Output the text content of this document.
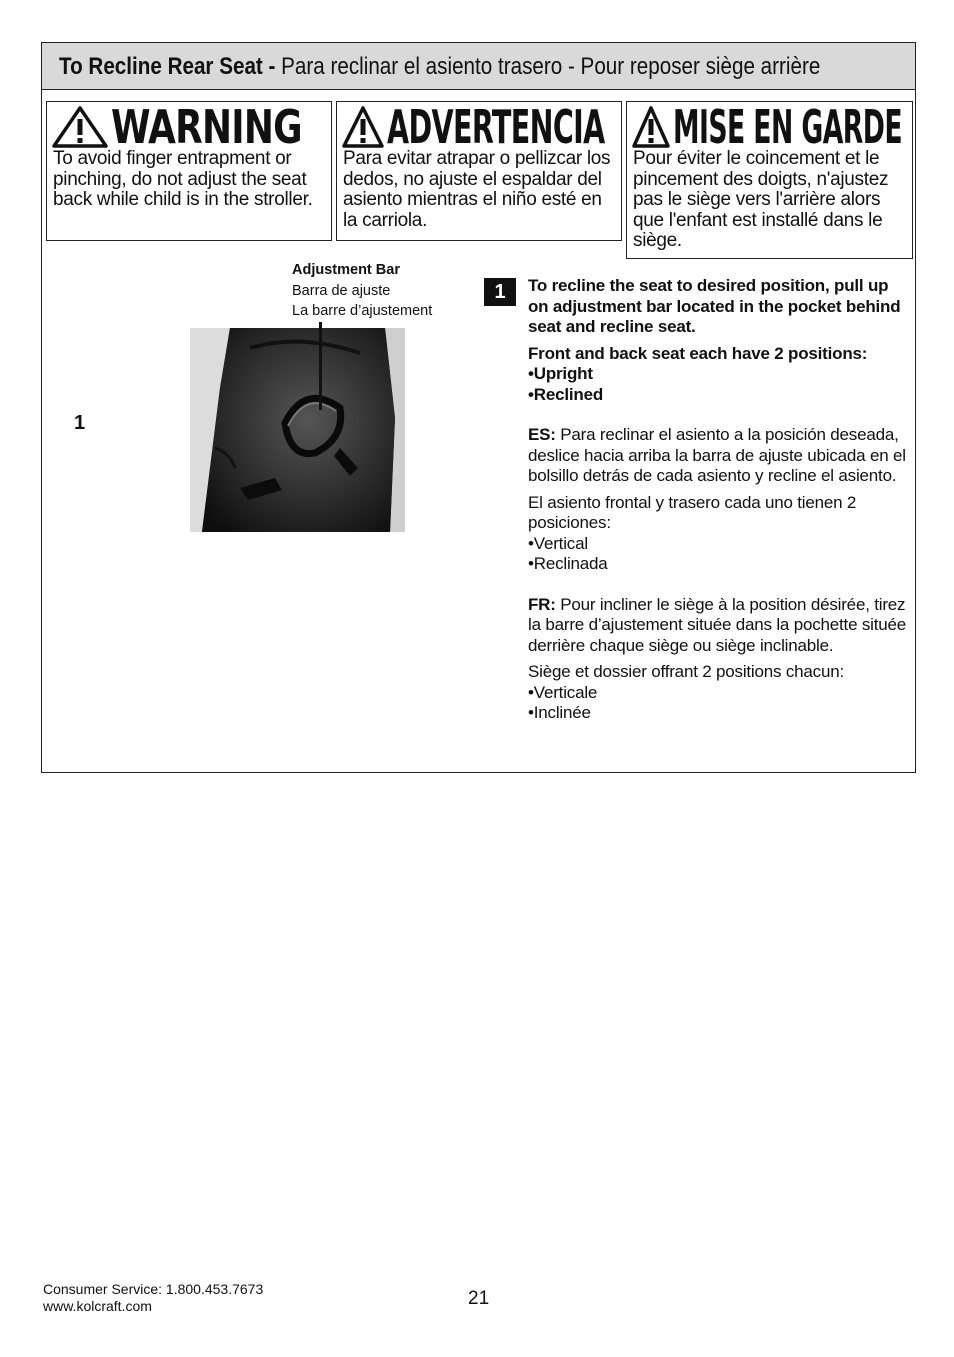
To Recline Rear Seat - Para reclinar el asiento trasero - Pour reposer siège arrière
WARNING
To avoid finger entrapment or pinching, do not adjust the seat back while child is in the stroller.
ADVERTENCIA
Para evitar atrapar o pellizcar los dedos, no ajuste el espaldar del asiento mientras el niño esté en la carriola.
MISE EN GARDE
Pour éviter le coincement et le pincement des doigts, n'ajustez pas le siège vers l'arrière alors que l'enfant est installé dans le siège.
Adjustment Bar
Barra de ajuste
La barre d’ajustement
1
1	To recline the seat to desired position, pull up on adjustment bar located in the pocket behind seat and recline seat.

Front and back seat each have 2 positions:

•Upright

•Reclined

ES: Para reclinar el asiento a la posición deseada, deslice hacia arriba la barra de ajuste ubicada en el bolsillo detrás de cada asiento y recline el asiento.

El asiento frontal y trasero cada uno tienen 2 posiciones:

•Vertical

•Reclinada

FR: Pour incliner le siège à la position désirée, tirez la barre d’ajustement située dans la pochette située derrière chaque siège ou siège inclinable.

Siège et dossier offrant 2 positions chacun:

•Verticale

•Inclinée

Consumer Service: 1.800.453.7673
www.kolcraft.com	21
